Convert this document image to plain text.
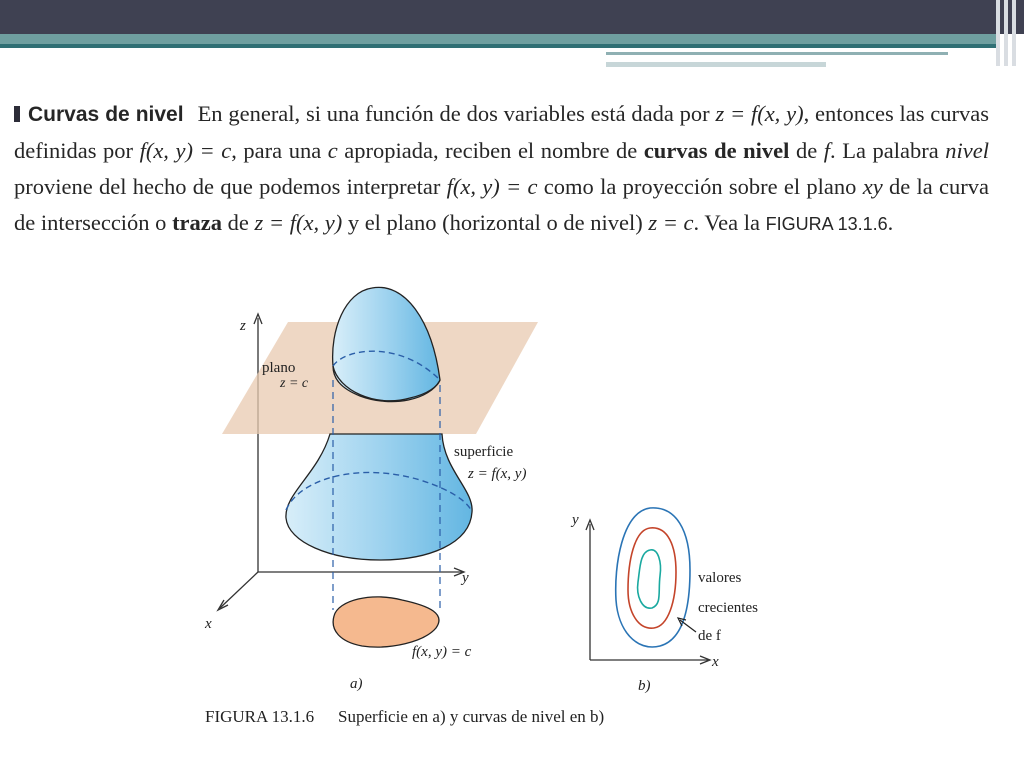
Curvas de nivel En general, si una función de dos variables está dada por z = f(x, y), entonces las curvas definidas por f(x, y) = c, para una c apropiada, reciben el nombre de curvas de nivel de f. La palabra nivel proviene del hecho de que podemos interpretar f(x, y) = c como la proyección sobre el plano xy de la curva de intersección o traza de z = f(x, y) y el plano (horizontal o de nivel) z = c. Vea la FIGURA 13.1.6.
z
y
x
plano
z = c
superficie
z = f(x, y)
f(x, y) = c
a)
y
x
valores
crecientes
de f
b)
FIGURA 13.1.6 Superficie en a) y curvas de nivel en b)
